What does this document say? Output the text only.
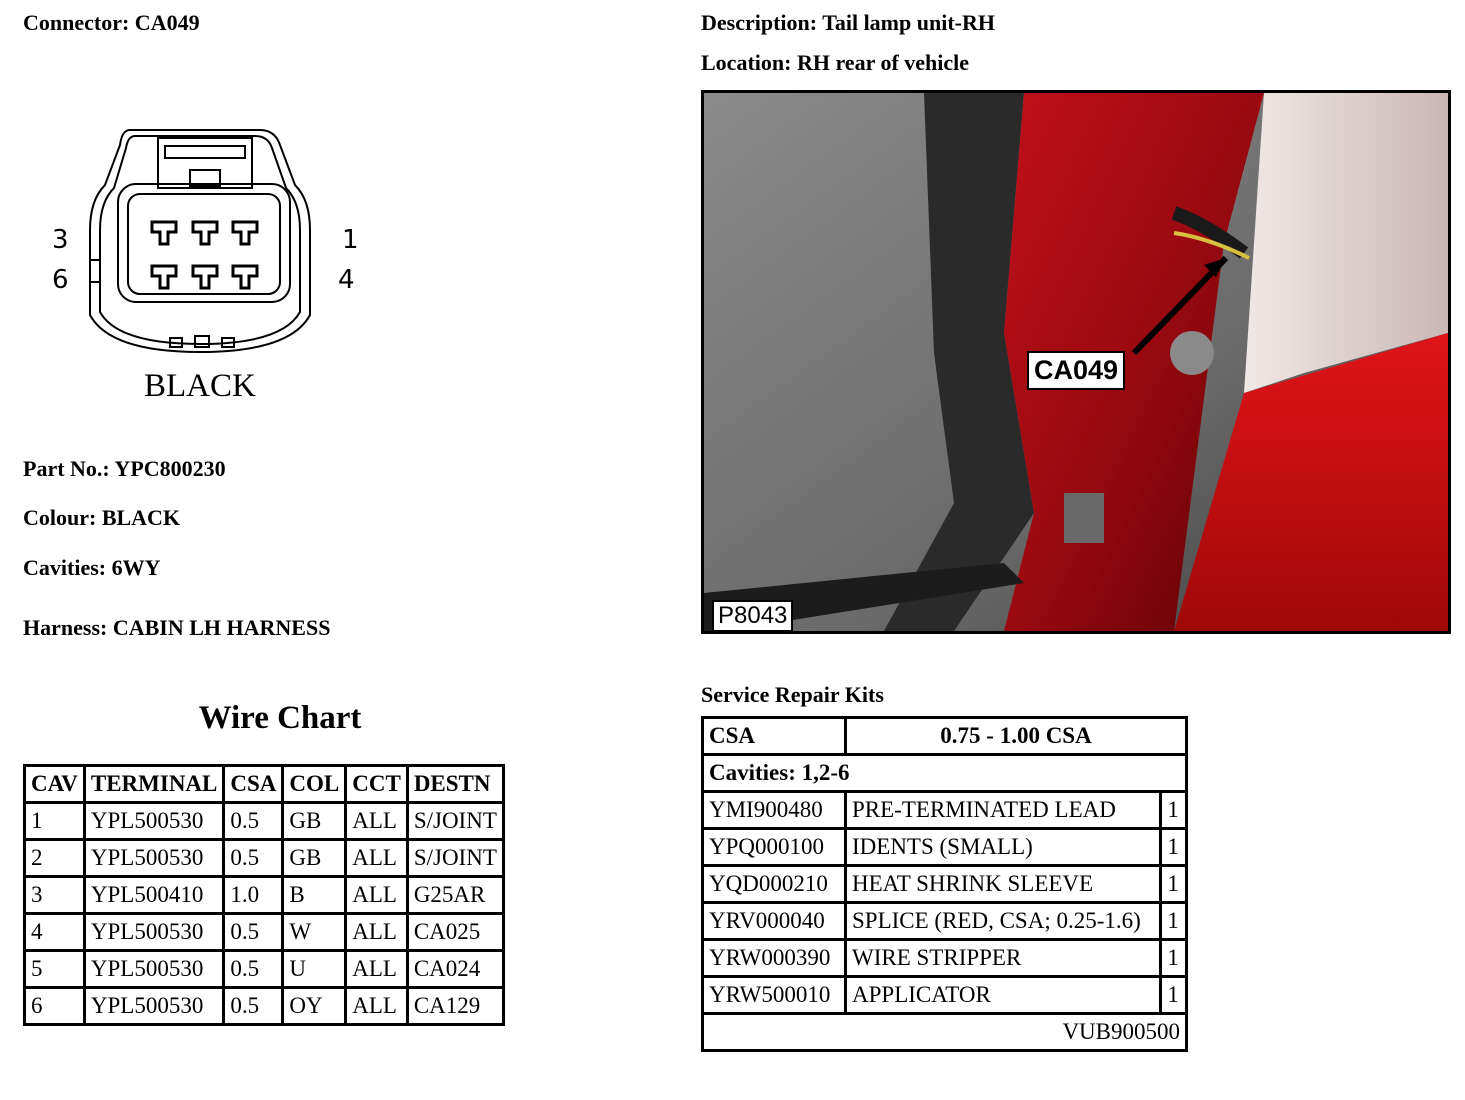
Connector: CA049	Description: Tail lamp unit-RH
Location: RH rear of vehicle
3
6
1
4
BLACK
Part No.: YPC800230
Colour: BLACK
Cavities: 6WY
Harness: CABIN LH HARNESS
CA049
P8043
Wire Chart
CAV	TERMINAL	CSA	COL	CCT	DESTN
1	YPL500530	0.5	GB	ALL	S/JOINT
2	YPL500530	0.5	GB	ALL	S/JOINT
3	YPL500410	1.0	B	ALL	G25AR
4	YPL500530	0.5	W	ALL	CA025
5	YPL500530	0.5	U	ALL	CA024
6	YPL500530	0.5	OY	ALL	CA129
Service Repair Kits
CSA	0.75 - 1.00 CSA	
Cavities: 1,2-6		
YMI900480	PRE-TERMINATED LEAD	1
YPQ000100	IDENTS (SMALL)	1
YQD000210	HEAT SHRINK SLEEVE	1
YRV000040	SPLICE (RED, CSA; 0.25-1.6)	1
YRW000390	WIRE STRIPPER	1
YRW500010	APPLICATOR	1
VUB900500		
